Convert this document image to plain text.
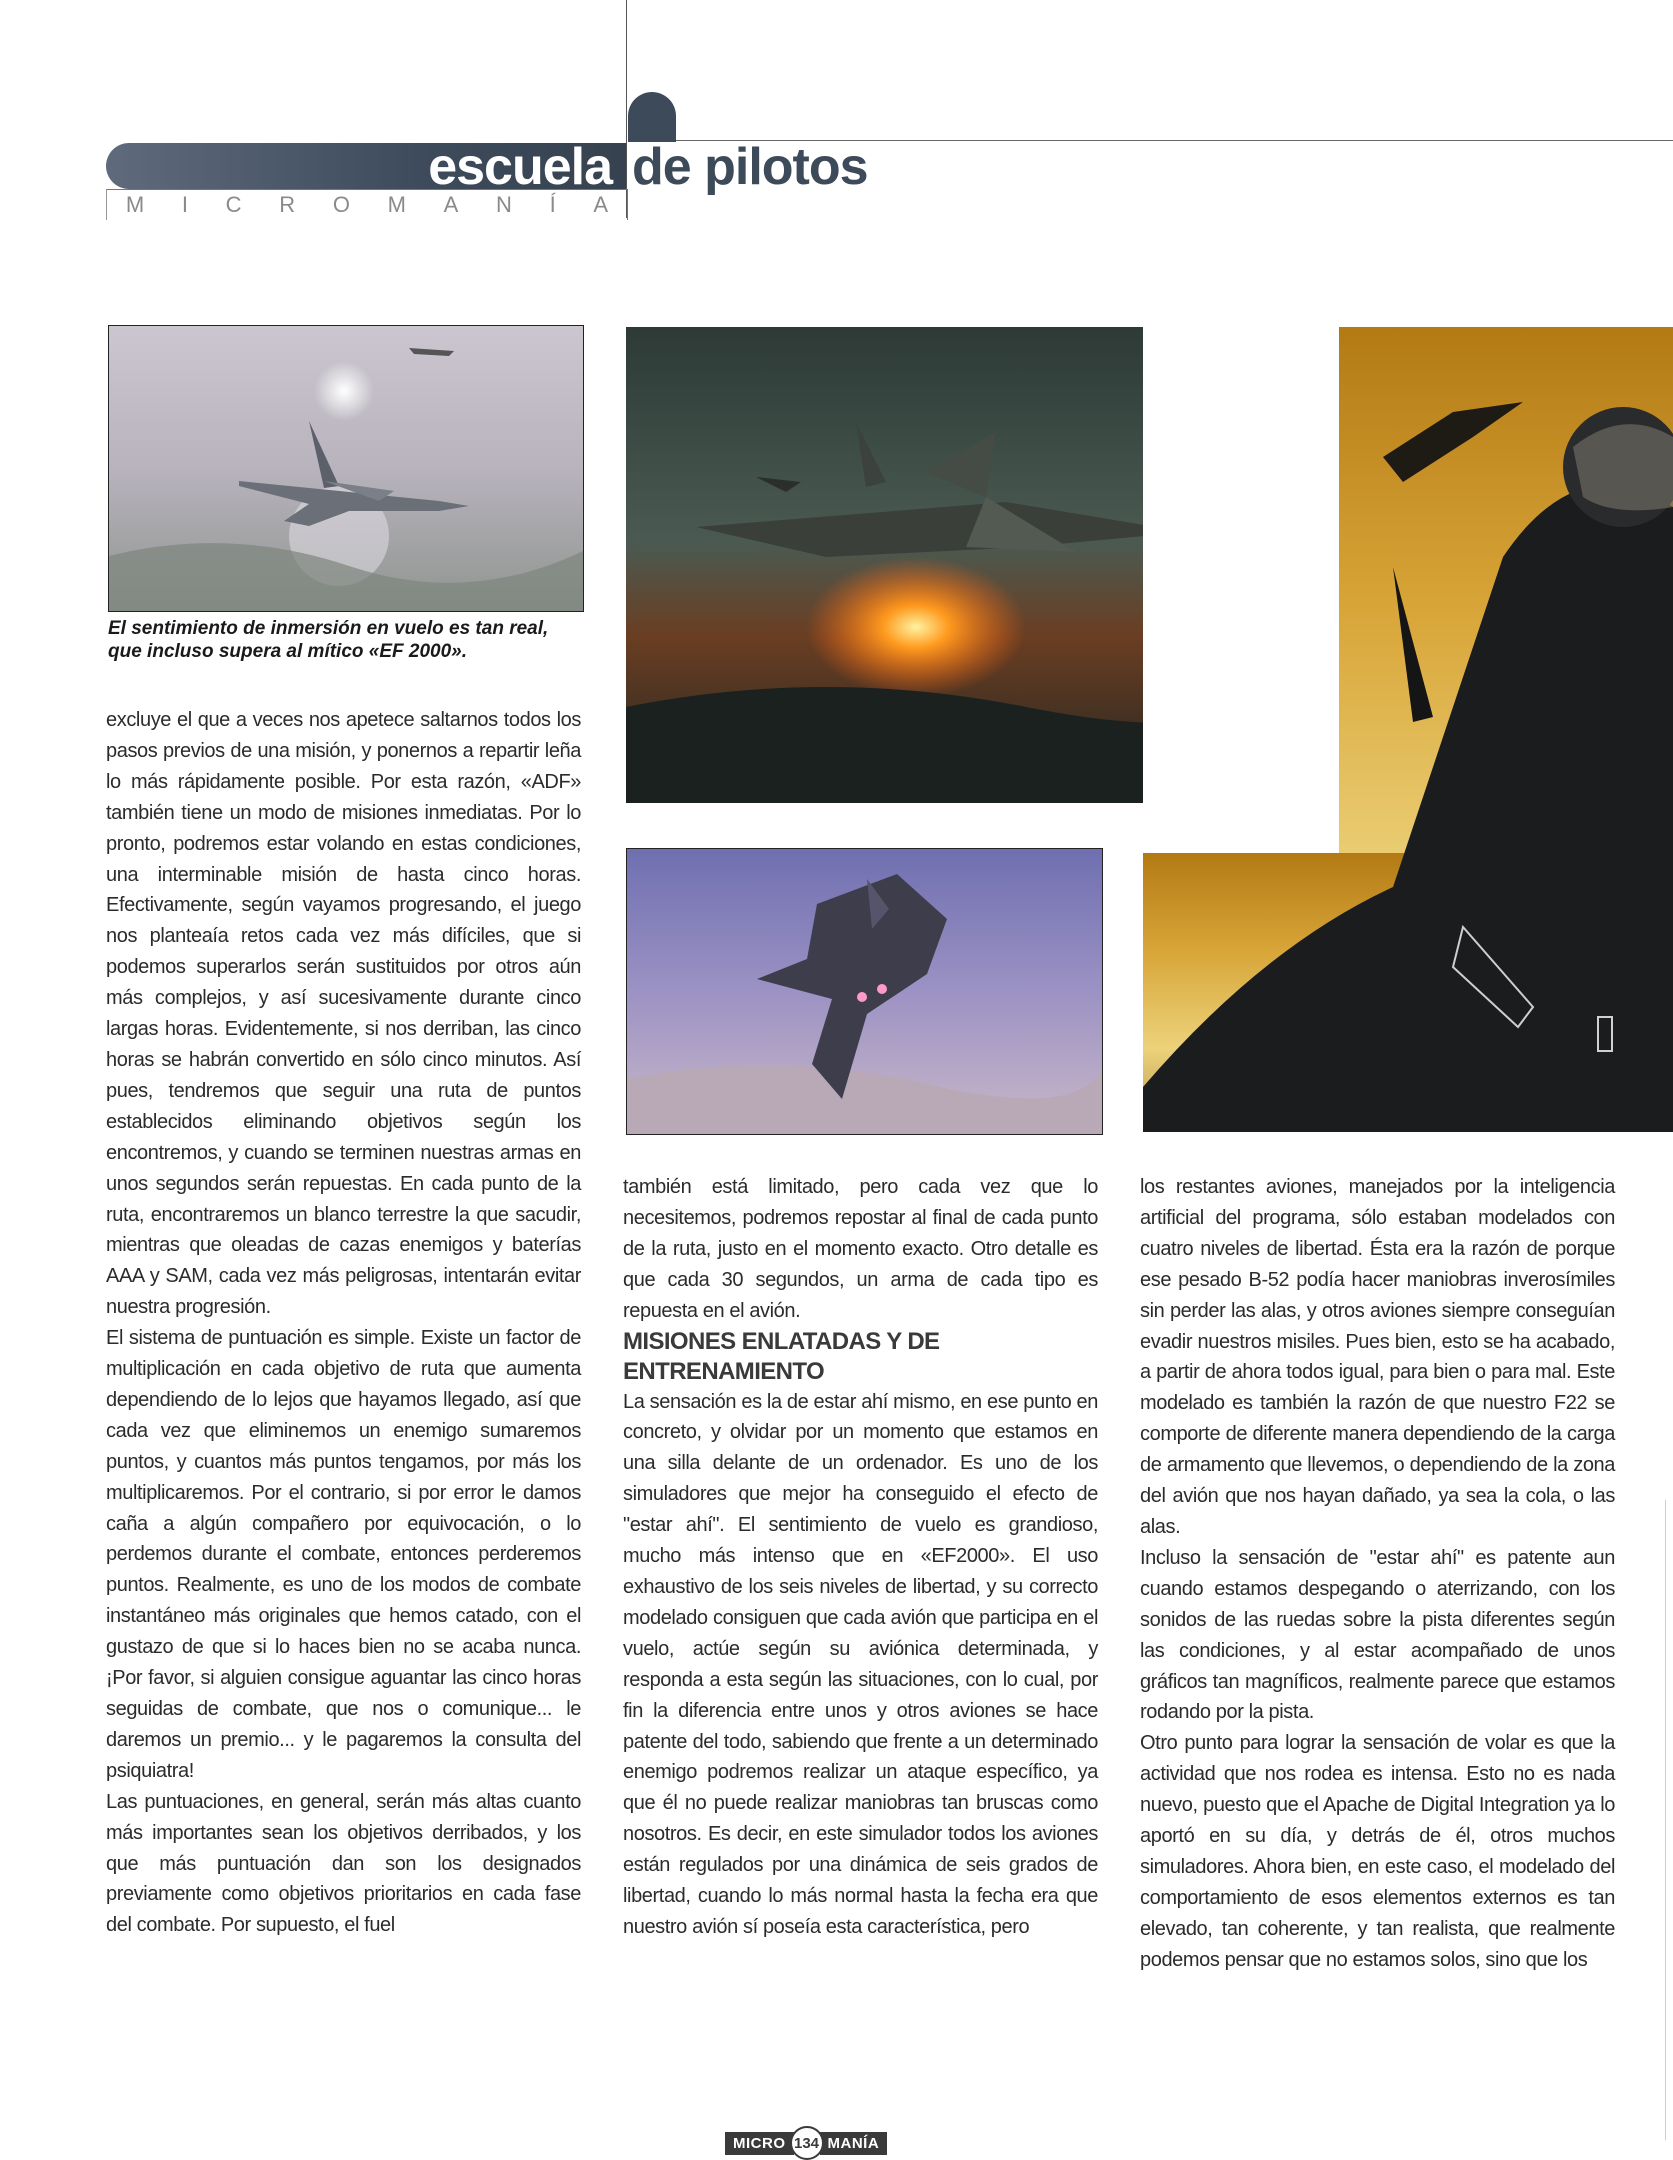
escuela de pilotos
M I C R O M A N Í A
El sentimiento de inmersión en vuelo es tan real, que incluso supera al mítico «EF 2000».

excluye el que a veces nos apetece saltarnos todos los pasos previos de una misión, y ponernos a repartir leña lo más rápidamente posible. Por esta razón, «ADF» también tiene un modo de misiones inmediatas. Por lo pronto, podremos estar volando en estas condiciones, una interminable misión de hasta cinco horas. Efectivamente, según vayamos progresando, el juego nos planteaía retos cada vez más difíciles, que si podemos superarlos serán sustituidos por otros aún más complejos, y así sucesivamente durante cinco largas horas. Evidentemente, si nos derriban, las cinco horas se habrán convertido en sólo cinco minutos. Así pues, tendremos que seguir una ruta de puntos establecidos eliminando objetivos según los encontremos, y cuando se terminen nuestras armas en unos segundos serán repuestas. En cada punto de la ruta, encontraremos un blanco terrestre la que sacudir, mientras que oleadas de cazas enemigos y baterías AAA y SAM, cada vez más peligrosas, intentarán evitar nuestra progresión.

El sistema de puntuación es simple. Existe un factor de multiplicación en cada objetivo de ruta que aumenta dependiendo de lo lejos que hayamos llegado, así que cada vez que eliminemos un enemigo sumaremos puntos, y cuantos más puntos tengamos, por más los multiplicaremos. Por el contrario, si por error le damos caña a algún compañero por equivocación, o lo perdemos durante el combate, entonces perderemos puntos. Realmente, es uno de los modos de combate instantáneo más originales que hemos catado, con el gustazo de que si lo haces bien no se acaba nunca. ¡Por favor, si alguien consigue aguantar las cinco horas seguidas de combate, que nos o comunique... le daremos un premio... y le pagaremos la consulta del psiquiatra!

Las puntuaciones, en general, serán más altas cuanto más importantes sean los objetivos derribados, y los que más puntuación dan son los designados previamente como objetivos prioritarios en cada fase del combate. Por supuesto, el fuel

también está limitado, pero cada vez que lo necesitemos, podremos repostar al final de cada punto de la ruta, justo en el momento exacto. Otro detalle es que cada 30 segundos, un arma de cada tipo es repuesta en el avión.

MISIONES ENLATADAS Y DE ENTRENAMIENTO

La sensación es la de estar ahí mismo, en ese punto en concreto, y olvidar por un momento que estamos en una silla delante de un ordenador. Es uno de los simuladores que mejor ha conseguido el efecto de "estar ahí". El sentimiento de vuelo es grandioso, mucho más intenso que en «EF2000». El uso exhaustivo de los seis niveles de libertad, y su correcto modelado consiguen que cada avión que participa en el vuelo, actúe según su aviónica determinada, y responda a esta según las situaciones, con lo cual, por fin la diferencia entre unos y otros aviones se hace patente del todo, sabiendo que frente a un determinado enemigo podremos realizar un ataque específico, ya que él no puede realizar maniobras tan bruscas como nosotros. Es decir, en este simulador todos los aviones están regulados por una dinámica de seis grados de libertad, cuando lo más normal hasta la fecha era que nuestro avión sí poseía esta característica, pero

los restantes aviones, manejados por la inteligencia artificial del programa, sólo estaban modelados con cuatro niveles de libertad. Ésta era la razón de porque ese pesado B-52 podía hacer maniobras inverosímiles sin perder las alas, y otros aviones siempre conseguían evadir nuestros misiles. Pues bien, esto se ha acabado, a partir de ahora todos igual, para bien o para mal. Este modelado es también la razón de que nuestro F22 se comporte de diferente manera dependiendo de la carga de armamento que llevemos, o dependiendo de la zona del avión que nos hayan dañado, ya sea la cola, o las alas.

Incluso la sensación de "estar ahí" es patente aun cuando estamos despegando o aterrizando, con los sonidos de las ruedas sobre la pista diferentes según las condiciones, y al estar acompañado de unos gráficos tan magníficos, realmente parece que estamos rodando por la pista.

Otro punto para lograr la sensación de volar es que la actividad que nos rodea es intensa. Esto no es nada nuevo, puesto que el Apache de Digital Integration ya lo aportó en su día, y detrás de él, otros muchos simuladores. Ahora bien, en este caso, el modelado del comportamiento de esos elementos externos es tan elevado, tan coherente, y tan realista, que realmente podemos pensar que no estamos solos, sino que los

MICRO 134 MANÍA
